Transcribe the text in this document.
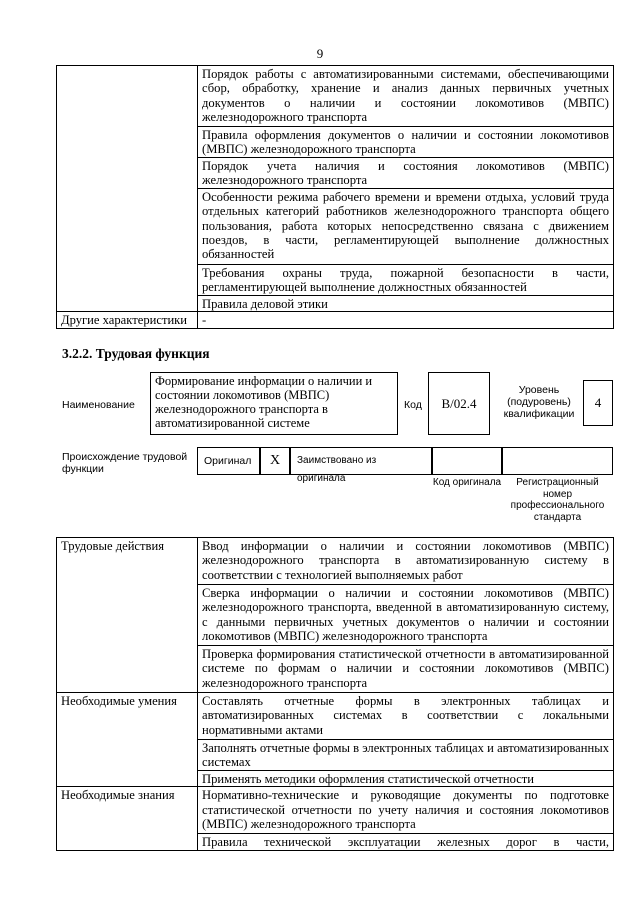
9
	Порядок работы с автоматизированными системами, обеспечивающими сбор, обработку, хранение и анализ данных первичных учетных документов о наличии и состоянии локомотивов (МВПС) железнодорожного транспорта
	Правила оформления документов о наличии и состоянии локомотивов (МВПС) железнодорожного транспорта
	Порядок учета наличия и состояния локомотивов (МВПС) железнодорожного транспорта
	Особенности режима рабочего времени и времени отдыха, условий труда отдельных категорий работников железнодорожного транспорта общего пользования, работа которых непосредственно связана с движением поездов, в части, регламентирующей выполнение должностных обязанностей
	Требования охраны труда, пожарной безопасности в части, регламентирующей выполнение должностных обязанностей
	Правила деловой этики
Другие характеристики	-
3.2.2. Трудовая функция
Наименование
Формирование информации о наличии и состоянии локомотивов (МВПС) железнодорожного транспорта в автоматизированной системе
Код B/02.4
Уровень (подуровень) квалификации
4
Происхождение трудовой функции
Оригинал X	Заимствовано из оригинала	Код оригинала	Регистрационный номер профессионального стандарта
Трудовые действия	Ввод информации о наличии и состоянии локомотивов (МВПС) железнодорожного транспорта в автоматизированную систему в соответствии с технологией выполняемых работ
	Сверка информации о наличии и состоянии локомотивов (МВПС) железнодорожного транспорта, введенной в автоматизированную систему, с данными первичных учетных документов о наличии и состоянии локомотивов (МВПС) железнодорожного транспорта
	Проверка формирования статистической отчетности в автоматизированной системе по формам о наличии и состоянии локомотивов (МВПС) железнодорожного транспорта
Необходимые умения	Составлять отчетные формы в электронных таблицах и автоматизированных системах в соответствии с локальными нормативными актами
	Заполнять отчетные формы в электронных таблицах и автоматизированных системах
	Применять методики оформления статистической отчетности
Необходимые знания	Нормативно-технические и руководящие документы по подготовке статистической отчетности по учету наличия и состояния локомотивов (МВПС) железнодорожного транспорта
	Правила технической эксплуатации железных дорог в части,
